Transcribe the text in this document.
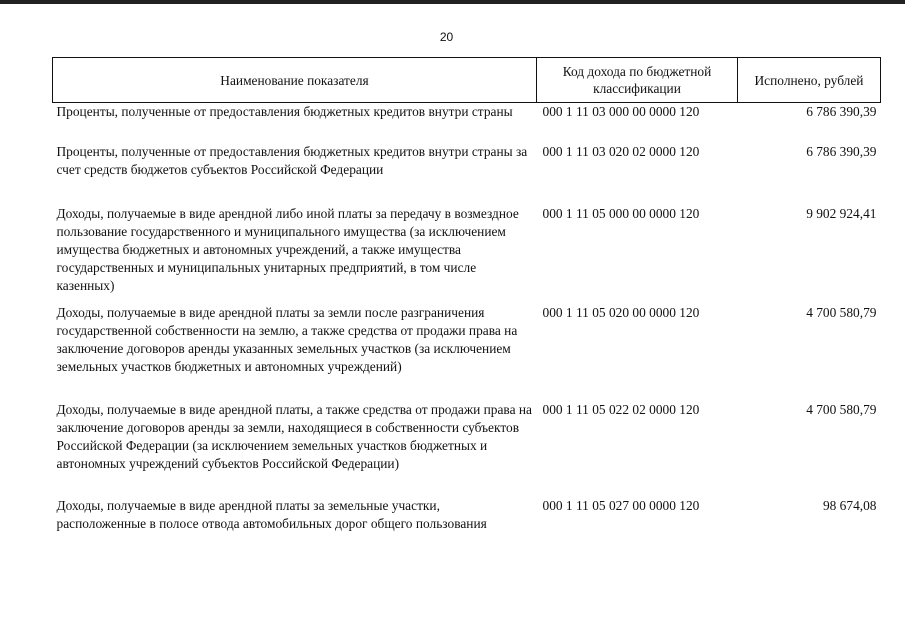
20
Наименование показателя	Код дохода по бюджетной классификации	Исполнено, рублей
Проценты, полученные от предоставления бюджетных кредитов внутри страны	000 1 11 03 000 00 0000 120	6 786 390,39
Проценты, полученные от предоставления бюджетных кредитов внутри страны за счет средств бюджетов субъектов Российской Федерации	000 1 11 03 020 02 0000 120	6 786 390,39
Доходы, получаемые в виде арендной либо иной платы за передачу в возмездное пользование государственного и муниципального имущества (за исключением имущества бюджетных и автономных учреждений, а также имущества государственных и муниципальных унитарных предприятий, в том числе казенных)	000 1 11 05 000 00 0000 120	9 902 924,41
Доходы, получаемые в виде арендной платы за земли после разграничения государственной собственности на землю, а также средства от продажи права на заключение договоров аренды указанных земельных участков (за исключением земельных участков бюджетных и автономных учреждений)	000 1 11 05 020 00 0000 120	4 700 580,79
Доходы, получаемые в виде арендной платы, а также средства от продажи права на заключение договоров аренды за земли, находящиеся в собственности субъектов Российской Федерации (за исключением земельных участков бюджетных и автономных учреждений субъектов Российской Федерации)	000 1 11 05 022 02 0000 120	4 700 580,79
Доходы, получаемые в виде арендной платы за земельные участки, расположенные в полосе отвода автомобильных дорог общего пользования	000 1 11 05 027 00 0000 120	98 674,08
